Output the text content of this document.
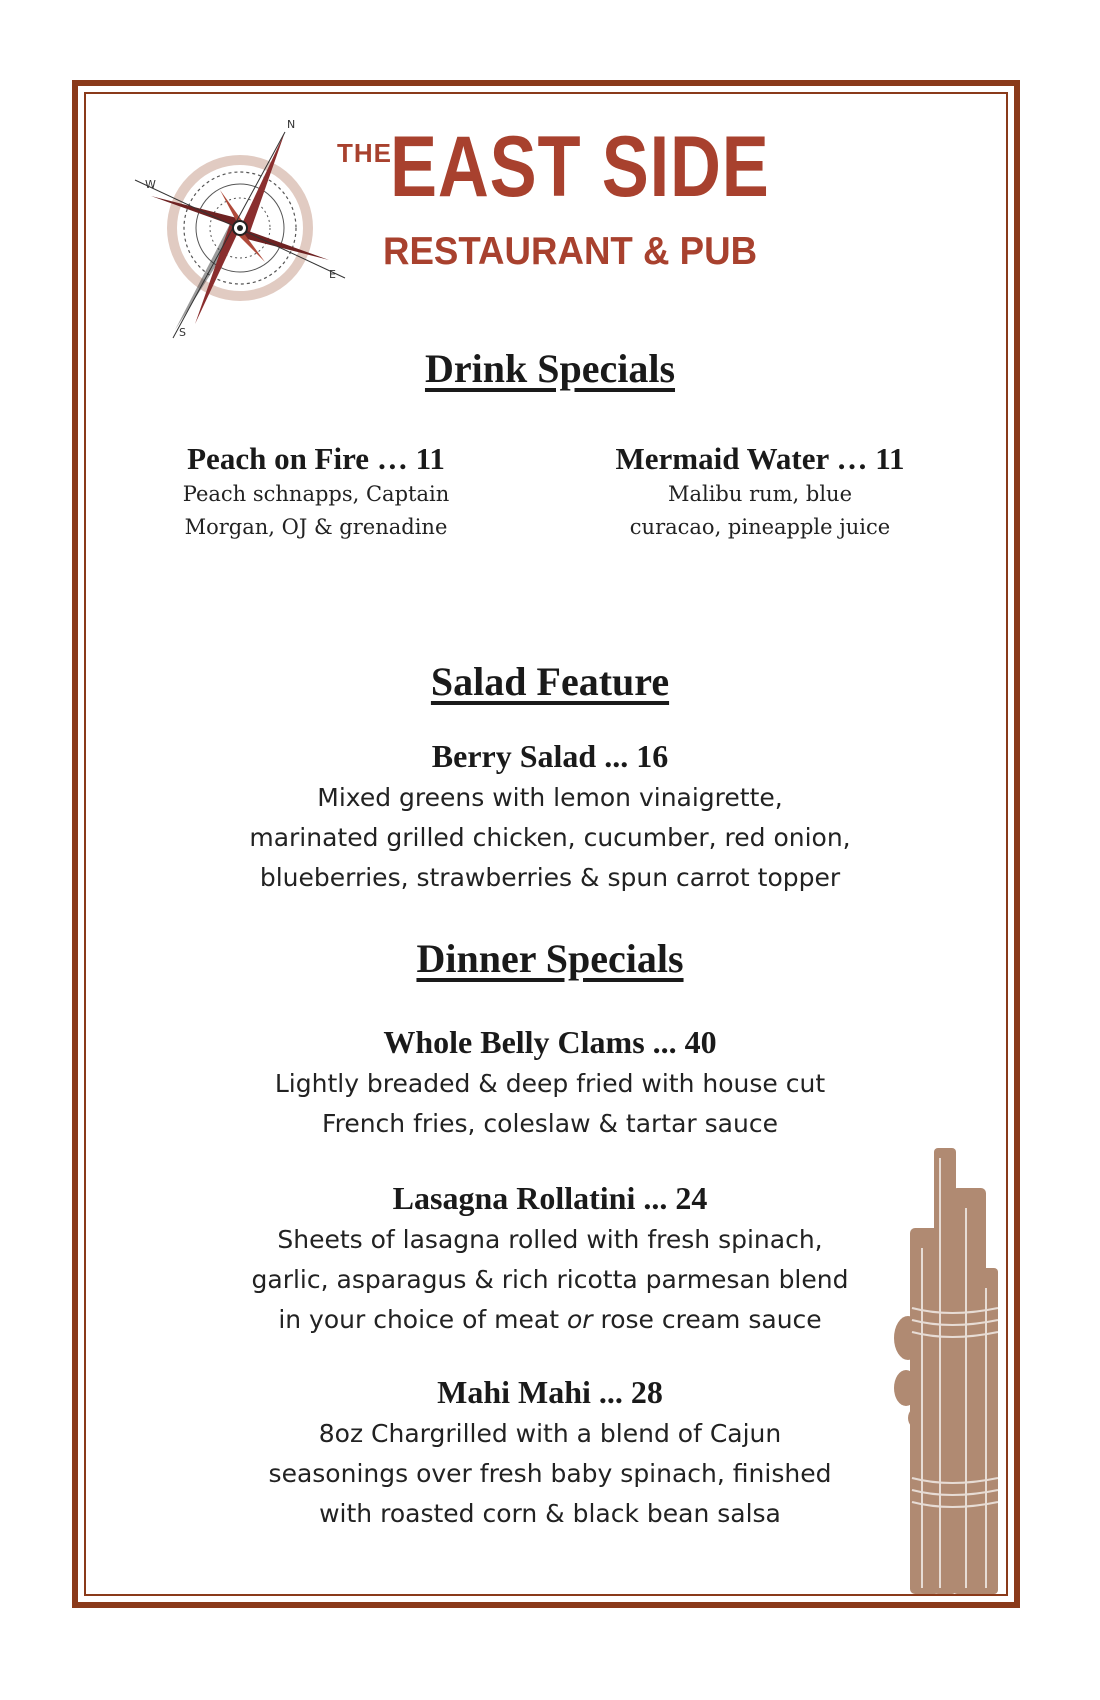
N
W
S
E
THE
EAST SIDE
RESTAURANT & PUB
Drink Specials
Peach on Fire … 11
Peach schnapps, Captain
Morgan, OJ & grenadine
Mermaid Water … 11
Malibu rum, blue
curacao, pineapple juice
Salad Feature
Berry Salad ... 16
Mixed greens with lemon vinaigrette,
marinated grilled chicken, cucumber, red onion,
blueberries, strawberries & spun carrot topper
Dinner Specials
Whole Belly Clams ... 40
Lightly breaded & deep fried with house cut
French fries, coleslaw & tartar sauce
Lasagna Rollatini ... 24
Sheets of lasagna rolled with fresh spinach,
garlic, asparagus & rich ricotta parmesan blend
in your choice of meat or rose cream sauce
Mahi Mahi ... 28
8oz Chargrilled with a blend of Cajun
seasonings over fresh baby spinach, finished
with roasted corn & black bean salsa
